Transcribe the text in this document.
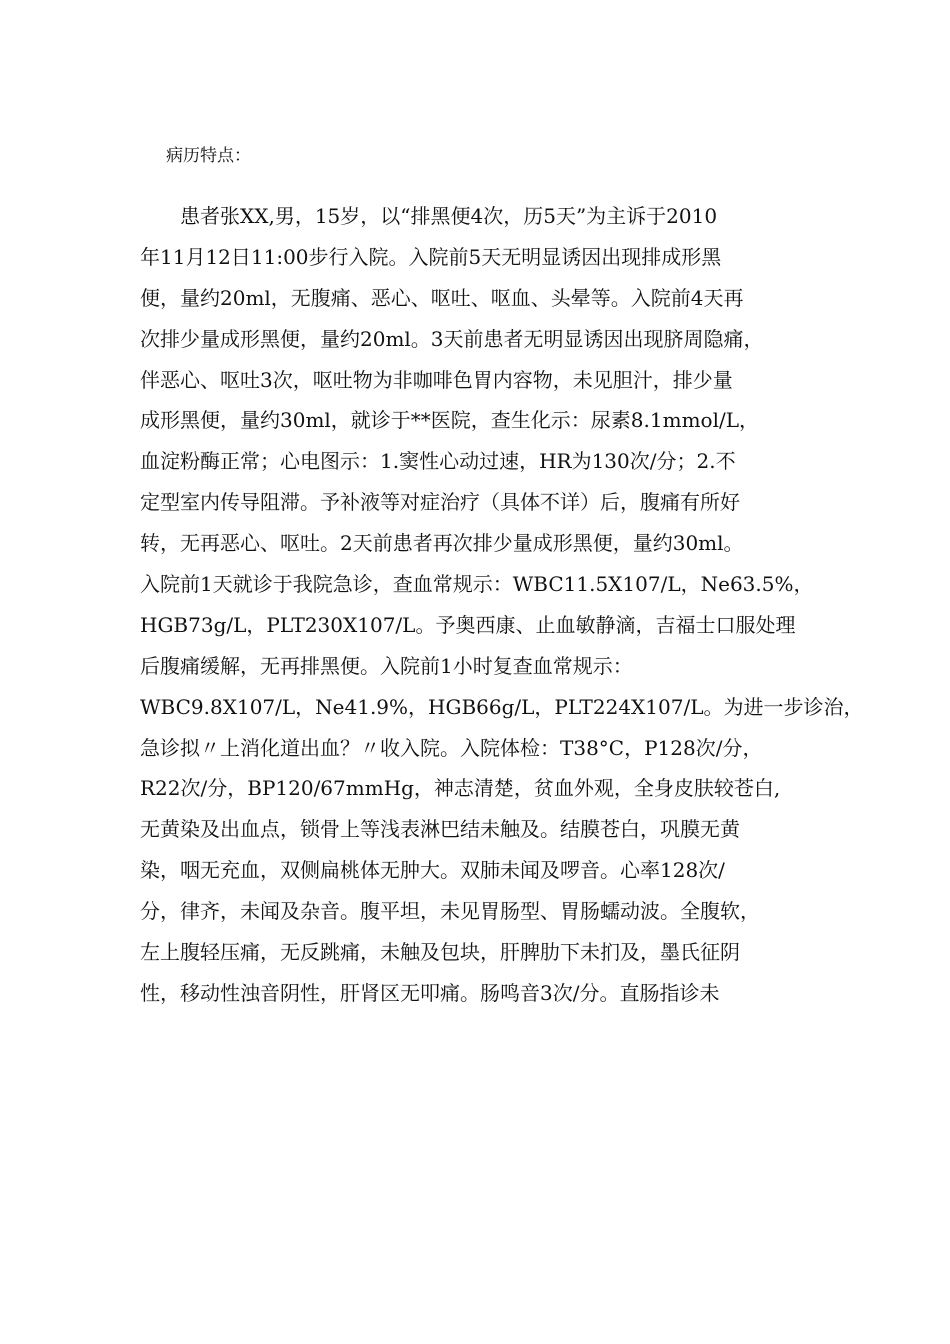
病历特点：
　　患者张XX,男，15岁，以“排黑便4次，历5天”为主诉于2010
年11月12日11:00步行入院。入院前5天无明显诱因出现排成形黑
便，量约20ml，无腹痛、恶心、呕吐、呕血、头晕等。入院前4天再
次排少量成形黑便，量约20ml。3天前患者无明显诱因出现脐周隐痛，
伴恶心、呕吐3次，呕吐物为非咖啡色胃内容物，未见胆汁，排少量
成形黑便，量约30ml，就诊于**医院，查生化示：尿素8.1mmol/L，
血淀粉酶正常；心电图示：1.窦性心动过速，HR为130次/分；2.不
定型室内传导阻滞。予补液等对症治疗（具体不详）后，腹痛有所好
转，无再恶心、呕吐。2天前患者再次排少量成形黑便，量约30ml。
入院前1天就诊于我院急诊，查血常规示：WBC11.5X107/L，Ne63.5%，
HGB73g/L，PLT230X107/L。予奥西康、止血敏静滴，吉福士口服处理
后腹痛缓解，无再排黑便。入院前1小时复查血常规示：
WBC9.8X107/L，Ne41.9%，HGB66g/L，PLT224X107/L。为进一步诊治，
急诊拟〃上消化道出血？〃收入院。入院体检：T38°C，P128次/分，
R22次/分，BP120/67mmHg，神志清楚，贫血外观，全身皮肤较苍白,
无黄染及出血点，锁骨上等浅表淋巴结未触及。结膜苍白，巩膜无黄
染，咽无充血，双侧扁桃体无肿大。双肺未闻及啰音。心率128次/
分，律齐，未闻及杂音。腹平坦，未见胃肠型、胃肠蠕动波。全腹软，
左上腹轻压痛，无反跳痛，未触及包块，肝脾肋下未扪及，墨氏征阴
性，移动性浊音阴性，肝肾区无叩痛。肠鸣音3次/分。直肠指诊未
